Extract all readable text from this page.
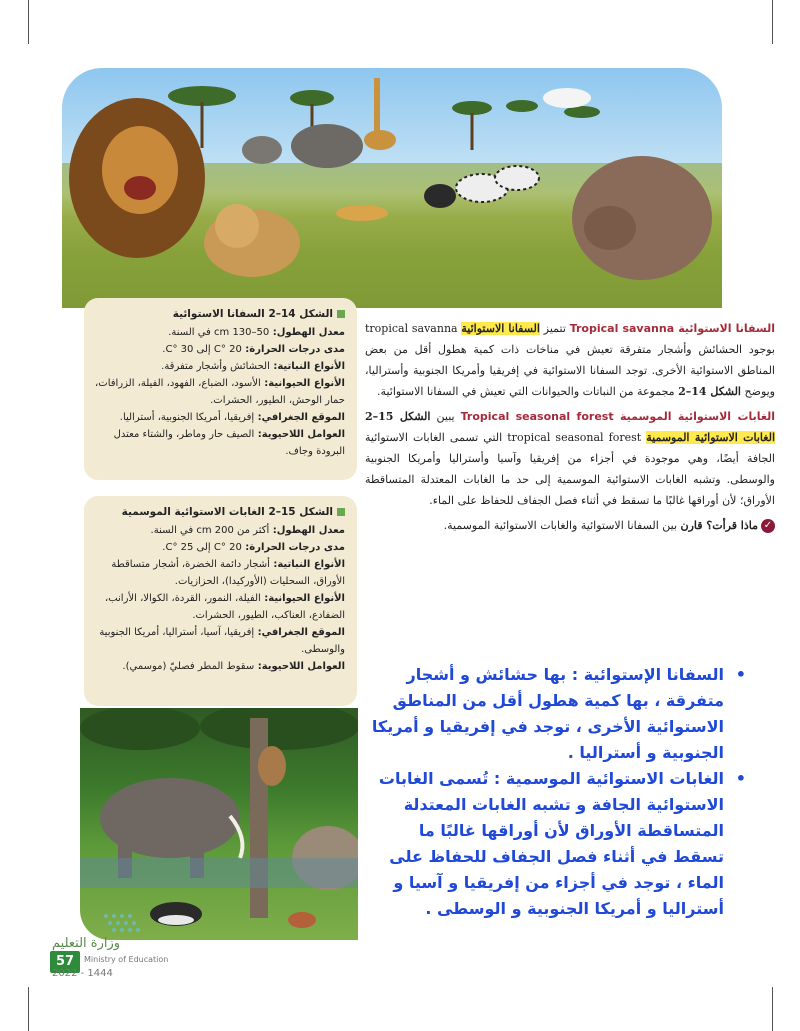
الشكل 14–2 السفانا الاستوائية
معدل الهطول: 50–130 cm في السنة.
مدى درجات الحرارة: 20 °C إلى 30 °C.
الأنواع النباتية: الحشائش وأشجار متفرقة.
الأنواع الحيوانية: الأسود، الضباع، الفهود، الفيلة، الزرافات، حمار الوحش، الطيور، الحشرات.
الموقع الجغرافي: إفريقيا، أمريكا الجنوبية، أستراليا.
العوامل اللاحيوية: الصيف حار وماطر، والشتاء معتدل البرودة وجاف.
الشكل 15–2 الغابات الاستوائية الموسمية
معدل الهطول: أكثر من 200 cm في السنة.
مدى درجات الحرارة: 20 °C إلى 25 °C.
الأنواع النباتية: أشجار دائمة الخضرة، أشجار متساقطة الأوراق، السحليات (الأوركيدا)، الحزازيات.
الأنواع الحيوانية: الفيلة، النمور، القردة، الكوالا، الأرانب، الضفادع، العناكب، الطيور، الحشرات.
الموقع الجغرافي: إفريقيا، آسيا، أستراليا، أمريكا الجنوبية والوسطى.
العوامل اللاحيوية: سقوط المطر فصليّ (موسمي).
السفانا الاستوائية Tropical savanna تتميز السفانا الاستوائية tropical savanna بوجود الحشائش وأشجار متفرقة تعيش في مناخات ذات كمية هطول أقل من بعض المناطق الاستوائية الأخرى. توجد السفانا الاستوائية في إفريقيا وأمريكا الجنوبية وأستراليا، ويوضح الشكل 14–2 مجموعة من النباتات والحيوانات التي تعيش في السفانا الاستوائية.
الغابات الاستوائية الموسمية Tropical seasonal forest يبين الشكل 15–2 الغابات الاستوائية الموسمية tropical seasonal forest التي تسمى الغابات الاستوائية الجافة أيضًا، وهي موجودة في أجزاء من إفريقيا وآسيا وأستراليا وأمريكا الجنوبية والوسطى. وتشبه الغابات الاستوائية الموسمية إلى حد ما الغابات المعتدلة المتساقطة الأوراق؛ لأن أوراقها غالبًا ما تسقط في أثناء فصل الجفاف للحفاظ على الماء.
✓ماذا قرأت؟ قارن بين السفانا الاستوائية والغابات الاستوائية الموسمية.
• السفانا الإستوائية : بها حشائش و أشجار متفرقة ، بها كمية هطول أقل من المناطق الاستوائية الأخرى ، توجد في إفريقيا و أمريكا الجنوبية و أستراليا .
• الغابات الاستوائية الموسمية : تُسمى الغابات الاستوائية الجافة و تشبه الغابات المعتدلة المتساقطة الأوراق لأن أوراقها غالبًا ما تسقط في أثناء فصل الجفاف للحفاظ على الماء ، توجد في أجزاء من إفريقيا و آسيا و أستراليا و أمريكا الجنوبية و الوسطى .
وزارة التعليم
57	Ministry of Education
2022 - 1444
